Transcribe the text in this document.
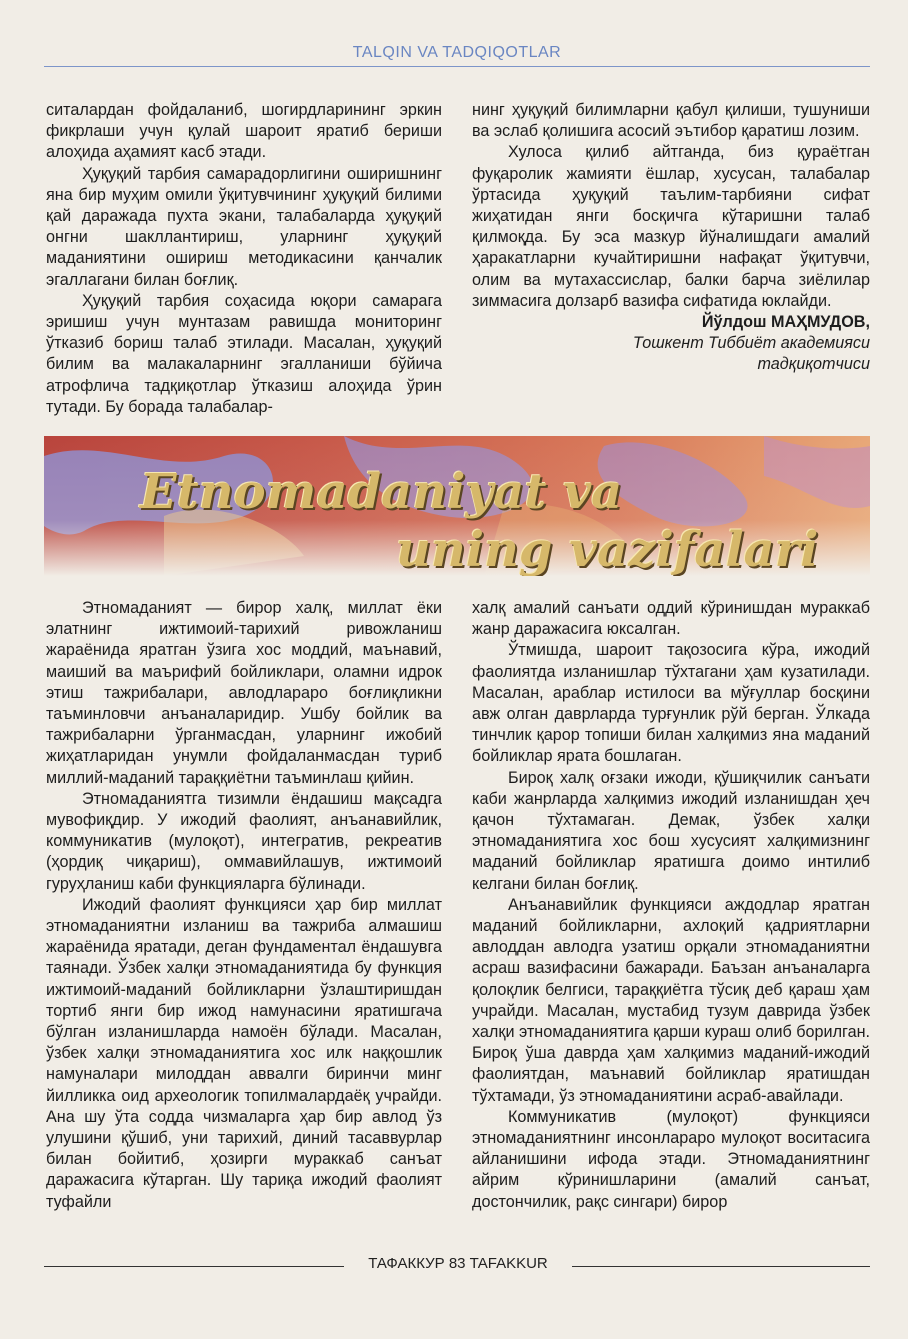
TALQIN VA TADQIQOTLAR

ситалардан фойдаланиб, шогирдларининг эркин фикрлаши учун қулай шароит яратиб бериши алоҳида аҳамият касб этади.

Ҳуқуқий тарбия самарадорлигини оширишнинг яна бир муҳим омили ўқитувчининг ҳуқуқий билими қай даражада пухта экани, талабаларда ҳуқуқий онгни шакллантириш, уларнинг ҳуқуқий маданиятини ошириш методикасини қанчалик эгаллагани билан боғлиқ.

Ҳуқуқий тарбия соҳасида юқори самарага эришиш учун мунтазам равишда мониторинг ўтказиб бориш талаб этилади. Масалан, ҳуқуқий билим ва малакаларнинг эгалланиши бўйича атрофлича тадқиқотлар ўтказиш алоҳида ўрин тутади. Бу борада талабалар-

нинг ҳуқуқий билимларни қабул қилиши, тушуниши ва эслаб қолишига асосий эътибор қаратиш лозим.

Хулоса қилиб айтганда, биз қураётган фуқаролик жамияти ёшлар, хусусан, талабалар ўртасида ҳуқуқий таълим-тарбияни сифат жиҳатидан янги босқичга кўтаришни талаб қилмоқда. Бу эса мазкур йўналишдаги амалий ҳаракатларни кучайтиришни нафақат ўқитувчи, олим ва мутахассислар, балки барча зиёлилар зиммасига долзарб вазифа сифатида юклайди.

Йўлдош МАҲМУДОВ,

Тошкент Тиббиёт академияси

тадқиқотчиси

Etnomadaniyat va
uning vazifalari

Этномаданият — бирор халқ, миллат ёки элатнинг ижтимоий-тарихий ривожланиш жараёнида яратган ўзига хос моддий, маънавий, маиший ва маърифий бойликлари, оламни идрок этиш тажрибалари, авлодлараро боғлиқликни таъминловчи анъаналаридир. Ушбу бойлик ва тажрибаларни ўрганмасдан, уларнинг ижобий жиҳатларидан унумли фойдаланмасдан туриб миллий-маданий тараққиётни таъминлаш қийин.

Этномаданиятга тизимли ёндашиш мақсадга мувофиқдир. У ижодий фаолият, анъанавийлик, коммуникатив (мулоқот), интегратив, рекреатив (ҳордиқ чиқариш), оммавийлашув, ижтимоий гуруҳланиш каби функцияларга бўлинади.

Ижодий фаолият функцияси ҳар бир миллат этномаданиятни изланиш ва тажриба алмашиш жараёнида яратади, деган фундаментал ёндашувга таянади. Ўзбек халқи этномаданиятида бу функция ижтимоий-маданий бойликларни ўзлаштиришдан тортиб янги бир ижод намунасини яратишгача бўлган изланишларда намоён бўлади. Масалан, ўзбек халқи этномаданиятига хос илк наққошлик намуналари милоддан аввалги биринчи минг йилликка оид археологик топилмалардаёқ учрайди. Ана шу ўта содда чизмаларга ҳар бир авлод ўз улушини қўшиб, уни тарихий, диний тасаввурлар билан бойитиб, ҳозирги мураккаб санъат даражасига кўтарган. Шу тариқа ижодий фаолият туфайли

халқ амалий санъати оддий кўринишдан мураккаб жанр даражасига юксалган.

Ўтмишда, шароит тақозосига кўра, ижодий фаолиятда изланишлар тўхтагани ҳам кузатилади. Масалан, араблар истилоси ва мўғуллар босқини авж олган даврларда турғунлик рўй берган. Ўлкада тинчлик қарор топиши билан халқимиз яна маданий бойликлар ярата бошлаган.

Бироқ халқ оғзаки ижоди, қўшиқчилик санъати каби жанрларда халқимиз ижодий изланишдан ҳеч қачон тўхтамаган. Демак, ўзбек халқи этномаданиятига хос бош хусусият халқимизнинг маданий бойликлар яратишга доимо интилиб келгани билан боғлиқ.

Анъанавийлик функцияси аждодлар яратган маданий бойликларни, ахлоқий қадриятларни авлоддан авлодга узатиш орқали этномаданиятни асраш вазифасини бажаради. Баъзан анъаналарга қолоқлик белгиси, тараққиётга тўсиқ деб қараш ҳам учрайди. Масалан, мустабид тузум даврида ўзбек халқи этномаданиятига қарши кураш олиб борилган. Бироқ ўша даврда ҳам халқимиз маданий-ижодий фаолиятдан, маънавий бойликлар яратишдан тўхтамади, ўз этномаданиятини асраб-авайлади.

Коммуникатив (мулоқот) функцияси этномаданиятнинг инсонлараро мулоқот воситасига айланишини ифода этади. Этномаданиятнинг айрим кўринишларини (амалий санъат, достончилик, рақс сингари) бирор

ТАФАККУР 83 TAFAKKUR
